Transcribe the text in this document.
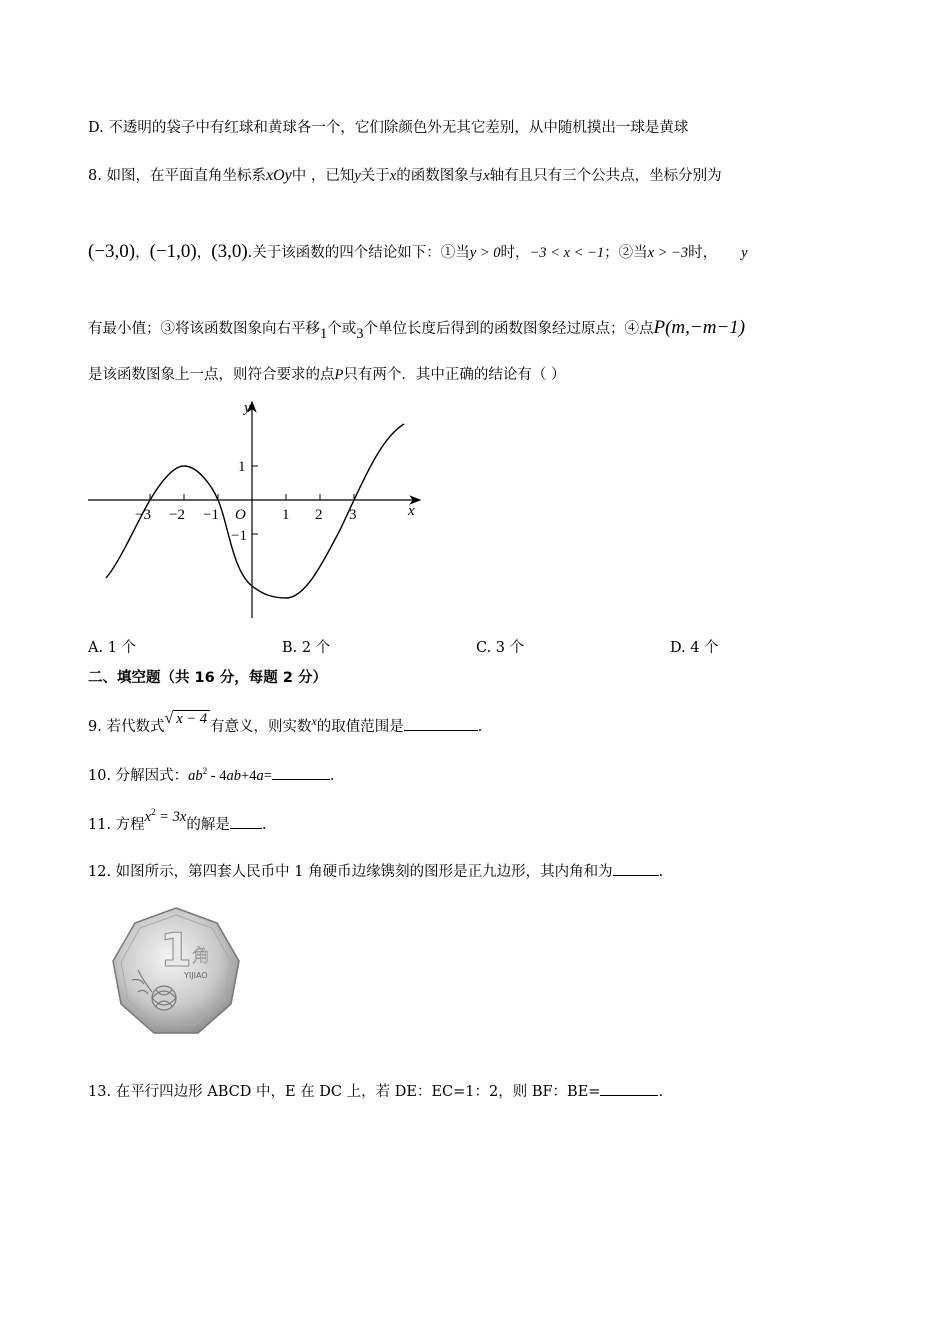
D. 不透明的袋子中有红球和黄球各一个，它们除颜色外无其它差别，从中随机摸出一球是黄球
8. 如图，在平面直角坐标系xOy中 ，已知y关于x的函数图象与x轴有且只有三个公共点，坐标分别为
(−3,0)，(−1,0)，(3,0).关于该函数的四个结论如下：①当y > 0时，−3 < x < −1；②当x > −3时， y
有最小值；③将该函数图象向右平移1个或3个单位长度后得到的函数图象经过原点；④点P(m,−m−1)
是该函数图象上一点，则符合要求的点P只有两个．其中正确的结论有（ ）
y
x
O
−3 −2 −1	1 2 3
1
−1
A. 1 个	B. 2 个	C. 3 个	D. 4 个
二、填空题（共 16 分，每题 2 分）
9. 若代数式√ x − 4 有意义，则实数$^x$的取值范围是	.
10. 分解因式：$ab^2 - 4ab+4a=$	.
11. 方程$x^2 = 3x$的解是 .
12. 如图所示，第四套人民币中 1 角硬币边缘镌刻的图形是正九边形，其内角和为	.
1 角
YIJIAO
13. 在平行四边形 ABCD 中，E 在 DC 上，若 DE：EC=1：2，则 BF：BE=	.
